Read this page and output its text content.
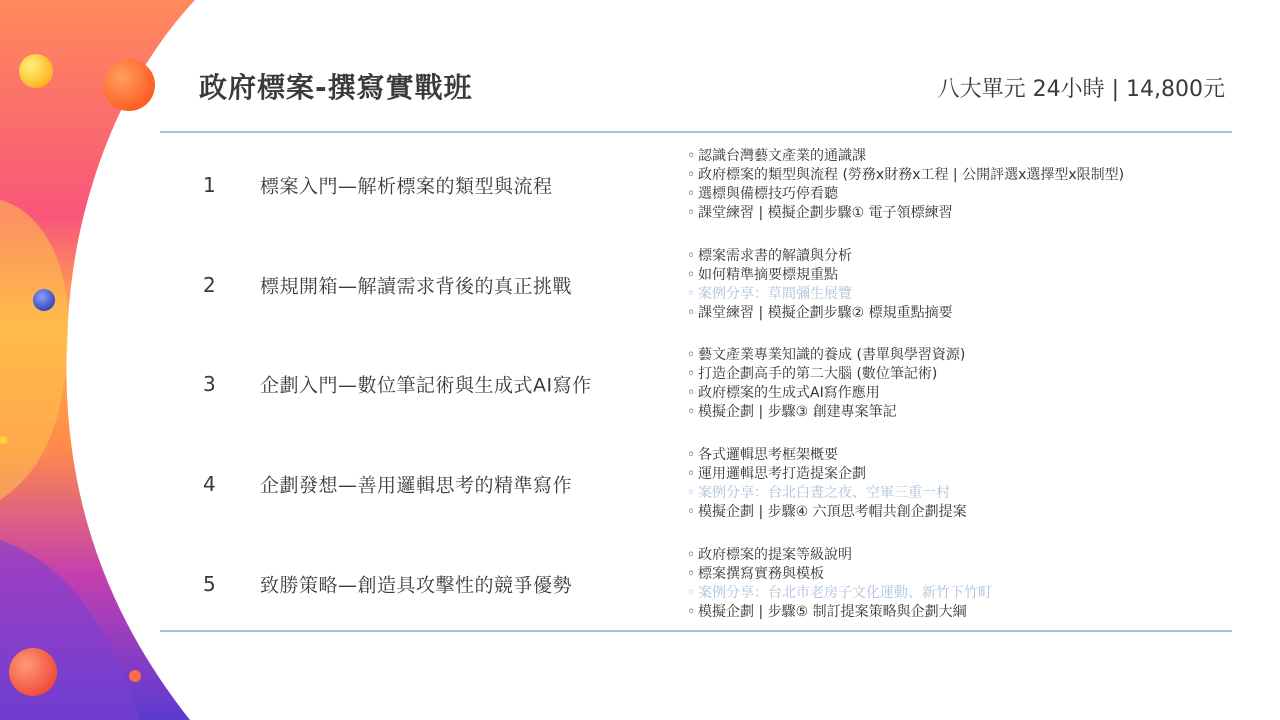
政府標案-撰寫實戰班	八大單元 24小時 | 14,800元
1 標案入門—解析標案的類型與流程
◦ 認識台灣藝文產業的通識課
◦ 政府標案的類型與流程 (勞務x財務x工程 | 公開評選x選擇型x限制型)
◦ 選標與備標技巧停看聽
◦ 課堂練習 | 模擬企劃步驟① 電子領標練習
2 標規開箱—解讀需求背後的真正挑戰
◦ 標案需求書的解讀與分析
◦ 如何精準摘要標規重點
◦ 案例分享：草間彌生展覽
◦ 課堂練習 | 模擬企劃步驟② 標規重點摘要
3 企劃入門—數位筆記術與生成式AI寫作
◦ 藝文產業專業知識的養成 (書單與學習資源)
◦ 打造企劃高手的第二大腦 (數位筆記術)
◦ 政府標案的生成式AI寫作應用
◦ 模擬企劃 | 步驟③ 創建專案筆記
4 企劃發想—善用邏輯思考的精準寫作
◦ 各式邏輯思考框架概要
◦ 運用邏輯思考打造提案企劃
◦ 案例分享：台北白晝之夜、空軍三重一村
◦ 模擬企劃 | 步驟④ 六頂思考帽共創企劃提案
5 致勝策略—創造具攻擊性的競爭優勢
◦ 政府標案的提案等級說明
◦ 標案撰寫實務與模板
◦ 案例分享：台北市老房子文化運動、新竹下竹町
◦ 模擬企劃 | 步驟⑤ 制訂提案策略與企劃大綱
